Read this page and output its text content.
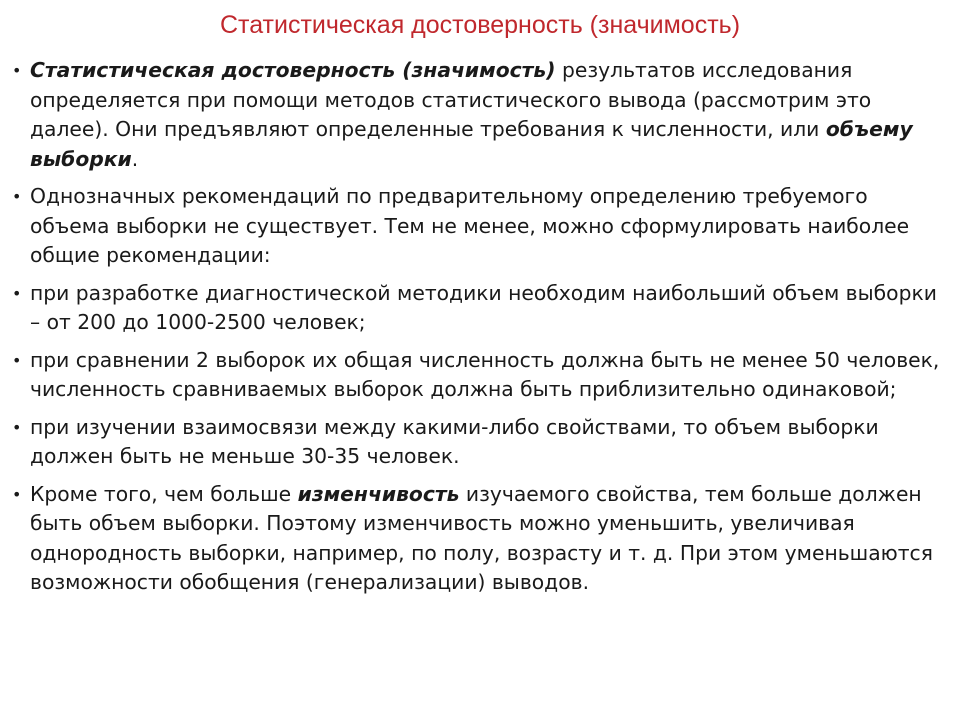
Статистическая достоверность (значимость)
• Статистическая достоверность (значимость) результатов исследования определяется при помощи методов статистического вывода (рассмотрим это далее). Они предъявляют определенные требования к численности, или объему выборки.
• Однозначных рекомендаций по предварительному определению требуемого объема выборки не существует. Тем не менее, можно сформулировать наиболее общие рекомендации:
• при разработке диагностической методики необходим наибольший объем выборки – от 200 до 1000-2500 человек;
• при сравнении 2 выборок их общая численность должна быть не менее 50 человек, численность сравниваемых выборок должна быть приблизительно одинаковой;
• при изучении взаимосвязи между какими-либо свойствами, то объем выборки должен быть не меньше 30-35 человек.
• Кроме того, чем больше изменчивость изучаемого свойства, тем больше должен быть объем выборки. Поэтому изменчивость можно уменьшить, увеличивая однородность выборки, например, по полу, возрасту и т. д. При этом уменьшаются возможности обобщения (генерализации) выводов.
